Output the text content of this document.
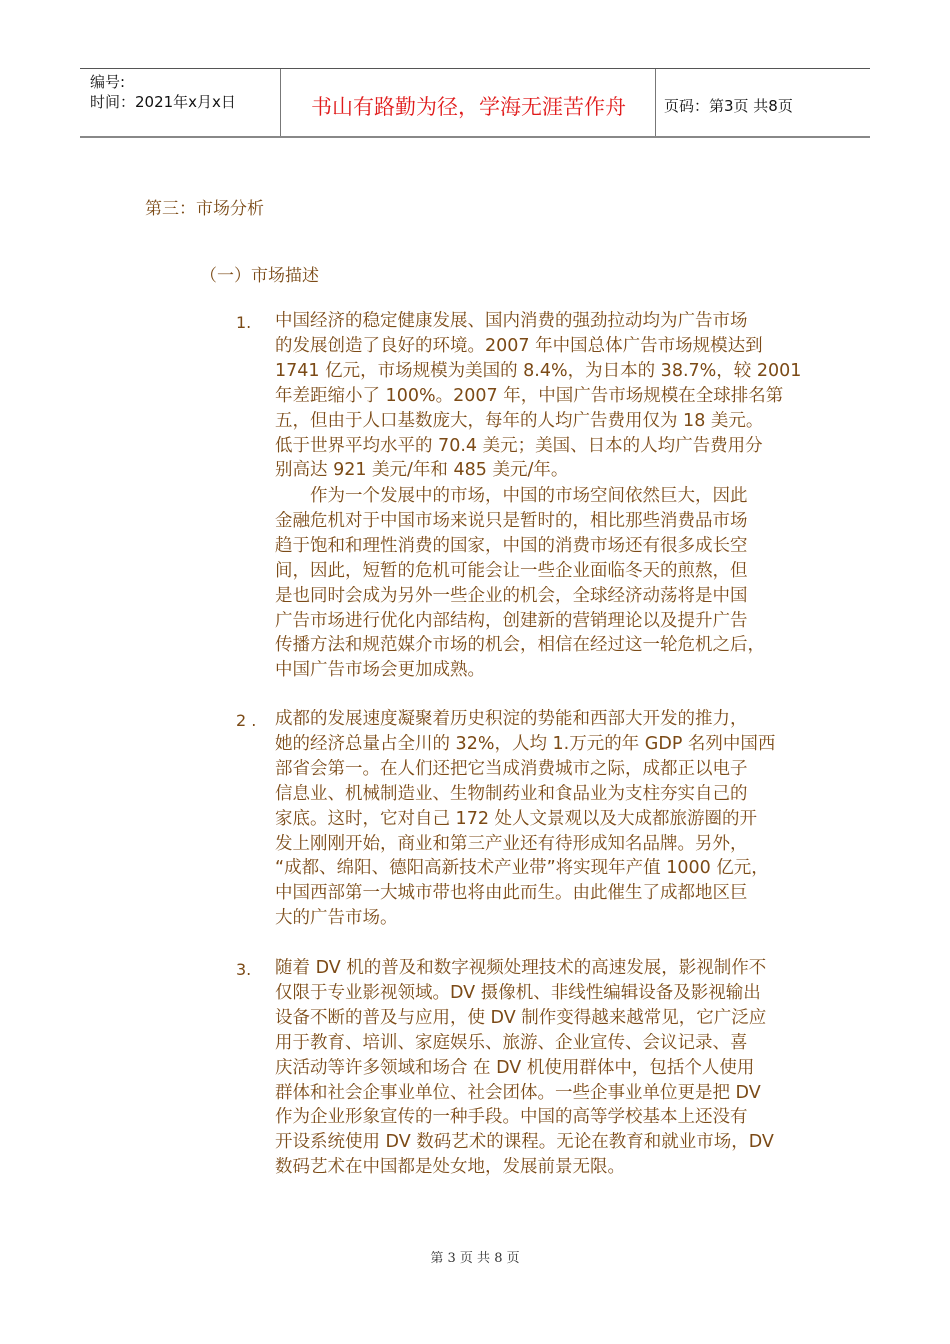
编号:
时间：2021年x月x日	书山有路勤为径，学海无涯苦作舟	页码：第3页 共8页
第三：市场分析
（一）市场描述
1. 中国经济的稳定健康发展、国内消费的强劲拉动均为广告市场
的发展创造了良好的环境。2007 年中国总体广告市场规模达到
1741 亿元，市场规模为美国的 8.4%，为日本的 38.7%，较 2001
年差距缩小了 100%。2007 年，中国广告市场规模在全球排名第
五，但由于人口基数庞大，每年的人均广告费用仅为 18 美元。
低于世界平均水平的 70.4 美元；美国、日本的人均广告费用分
别高达 921 美元/年和 485 美元/年。
　　作为一个发展中的市场，中国的市场空间依然巨大，因此
金融危机对于中国市场来说只是暂时的，相比那些消费品市场
趋于饱和和理性消费的国家，中国的消费市场还有很多成长空
间，因此，短暂的危机可能会让一些企业面临冬天的煎熬，但
是也同时会成为另外一些企业的机会，全球经济动荡将是中国
广告市场进行优化内部结构，创建新的营销理论以及提升广告
传播方法和规范媒介市场的机会，相信在经过这一轮危机之后，
中国广告市场会更加成熟。
2 . 成都的发展速度凝聚着历史积淀的势能和西部大开发的推力，
她的经济总量占全川的 32%，人均 1.万元的年 GDP 名列中国西
部省会第一。在人们还把它当成消费城市之际，成都正以电子
信息业、机械制造业、生物制药业和食品业为支柱夯实自己的
家底。这时，它对自己 172 处人文景观以及大成都旅游圈的开
发上刚刚开始，商业和第三产业还有待形成知名品牌。另外，
“成都、绵阳、德阳高新技术产业带”将实现年产值 1000 亿元，
中国西部第一大城市带也将由此而生。由此催生了成都地区巨
大的广告市场。
3. 随着 DV 机的普及和数字视频处理技术的高速发展，影视制作不
仅限于专业影视领域。DV 摄像机、非线性编辑设备及影视输出
设备不断的普及与应用，使 DV 制作变得越来越常见，它广泛应
用于教育、培训、家庭娱乐、旅游、企业宣传、会议记录、喜
庆活动等许多领域和场合 在 DV 机使用群体中，包括个人使用
群体和社会企事业单位、社会团体。一些企事业单位更是把 DV
作为企业形象宣传的一种手段。中国的高等学校基本上还没有
开设系统使用 DV 数码艺术的课程。无论在教育和就业市场，DV
数码艺术在中国都是处女地，发展前景无限。
第 3 页 共 8 页
